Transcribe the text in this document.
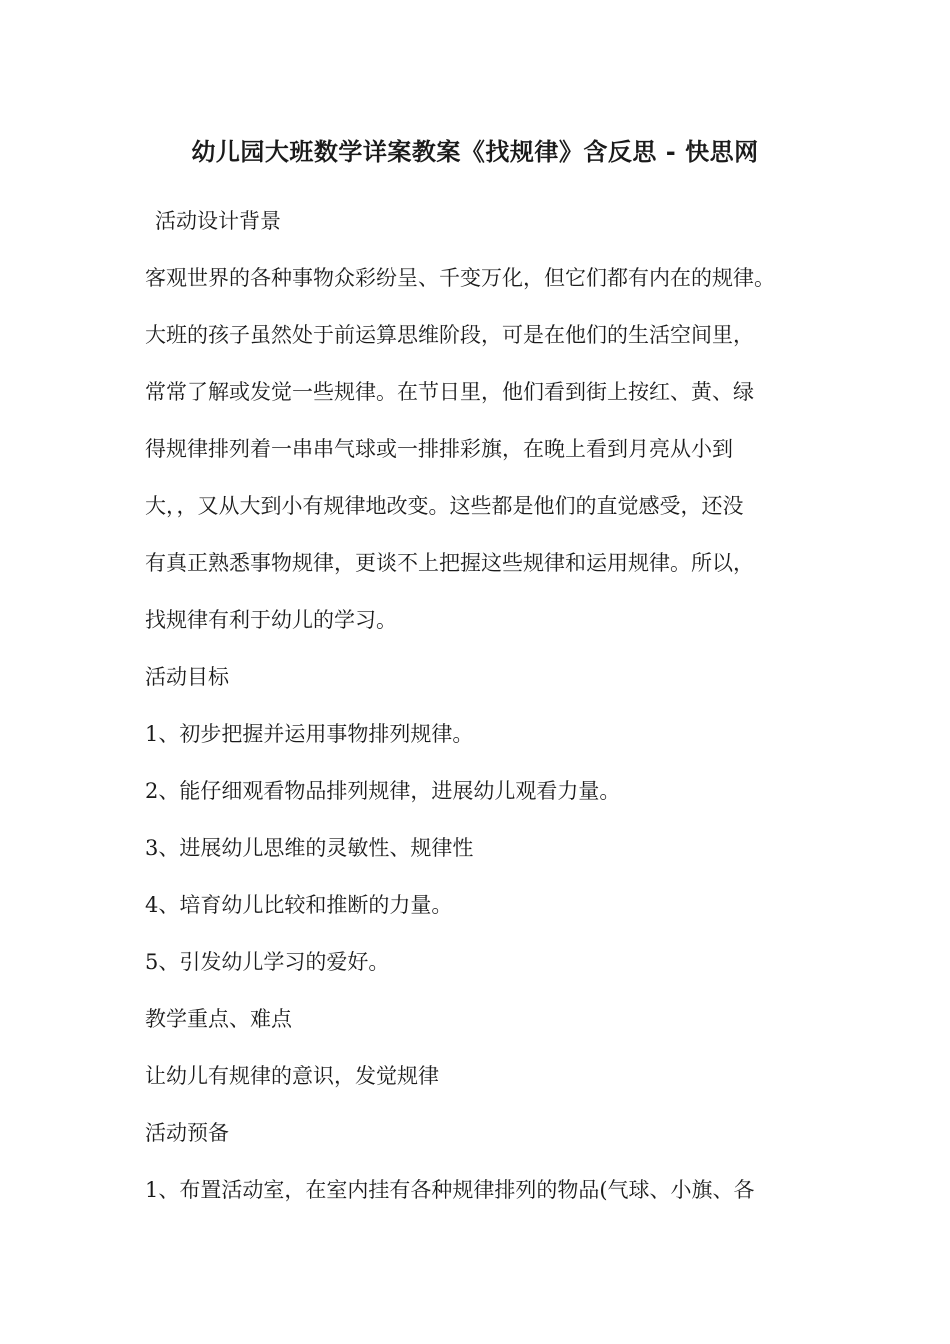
幼儿园大班数学详案教案《找规律》含反思 - 快思网
活动设计背景
客观世界的各种事物众彩纷呈、千变万化，但它们都有内在的规律。
大班的孩子虽然处于前运算思维阶段，可是在他们的生活空间里，
常常了解或发觉一些规律。在节日里，他们看到街上按红、黄、绿
得规律排列着一串串气球或一排排彩旗，在晚上看到月亮从小到
大，，又从大到小有规律地改变。这些都是他们的直觉感受，还没
有真正熟悉事物规律，更谈不上把握这些规律和运用规律。所以，
找规律有利于幼儿的学习。
活动目标
1、初步把握并运用事物排列规律。
2、能仔细观看物品排列规律，进展幼儿观看力量。
3、进展幼儿思维的灵敏性、规律性
4、培育幼儿比较和推断的力量。
5、引发幼儿学习的爱好。
教学重点、难点
让幼儿有规律的意识，发觉规律
活动预备
1、布置活动室，在室内挂有各种规律排列的物品(气球、小旗、各
